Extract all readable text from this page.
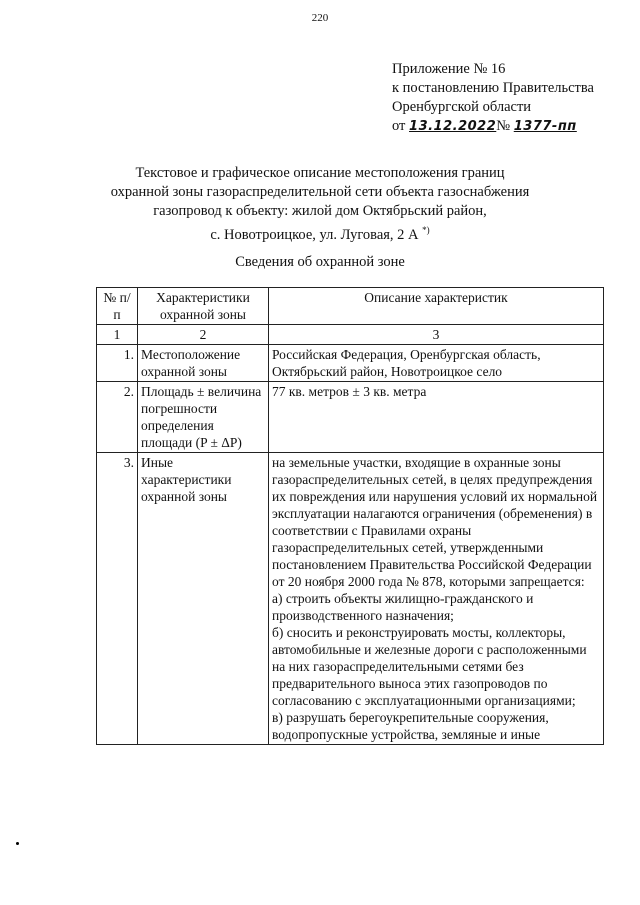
220
Приложение № 16
к постановлению Правительства
Оренбургской области
от 13.12.2022№ 1377-пп
Текстовое и графическое описание местоположения границ
охранной зоны газораспределительной сети объекта газоснабжения
газопровод к объекту: жилой дом Октябрьский район,
с. Новотроицкое, ул. Луговая, 2 А *)
Сведения об охранной зоне
№ п/п	Характеристики охранной зоны	Описание характеристик
1	2	3
1.	Местоположение охранной зоны	Российская Федерация, Оренбургская область, Октябрьский район, Новотроицкое село

2.	Площадь ± величина погрешности определения площади (P ± ΔP)	77 кв. метров ± 3 кв. метра

3.	Иные характеристики охранной зоны	на земельные участки, входящие в охранные зоны газораспределительных сетей, в целях предупреждения их повреждения или нарушения условий их нормальной эксплуатации налагаются ограничения (обременения) в соответствии с Правилами охраны газораспределительных сетей, утвержденными постановлением Правительства Российской Федерации от 20 ноября 2000 года № 878, которыми запрещается:
а) строить объекты жилищно-гражданского и производственного назначения;
б) сносить и реконструировать мосты, коллекторы, автомобильные и железные дороги с расположенными на них газораспределительными сетями без предварительного выноса этих газопроводов по согласованию с эксплуатационными организациями;
в) разрушать берегоукрепительные сооружения, водопропускные устройства, земляные и иные
